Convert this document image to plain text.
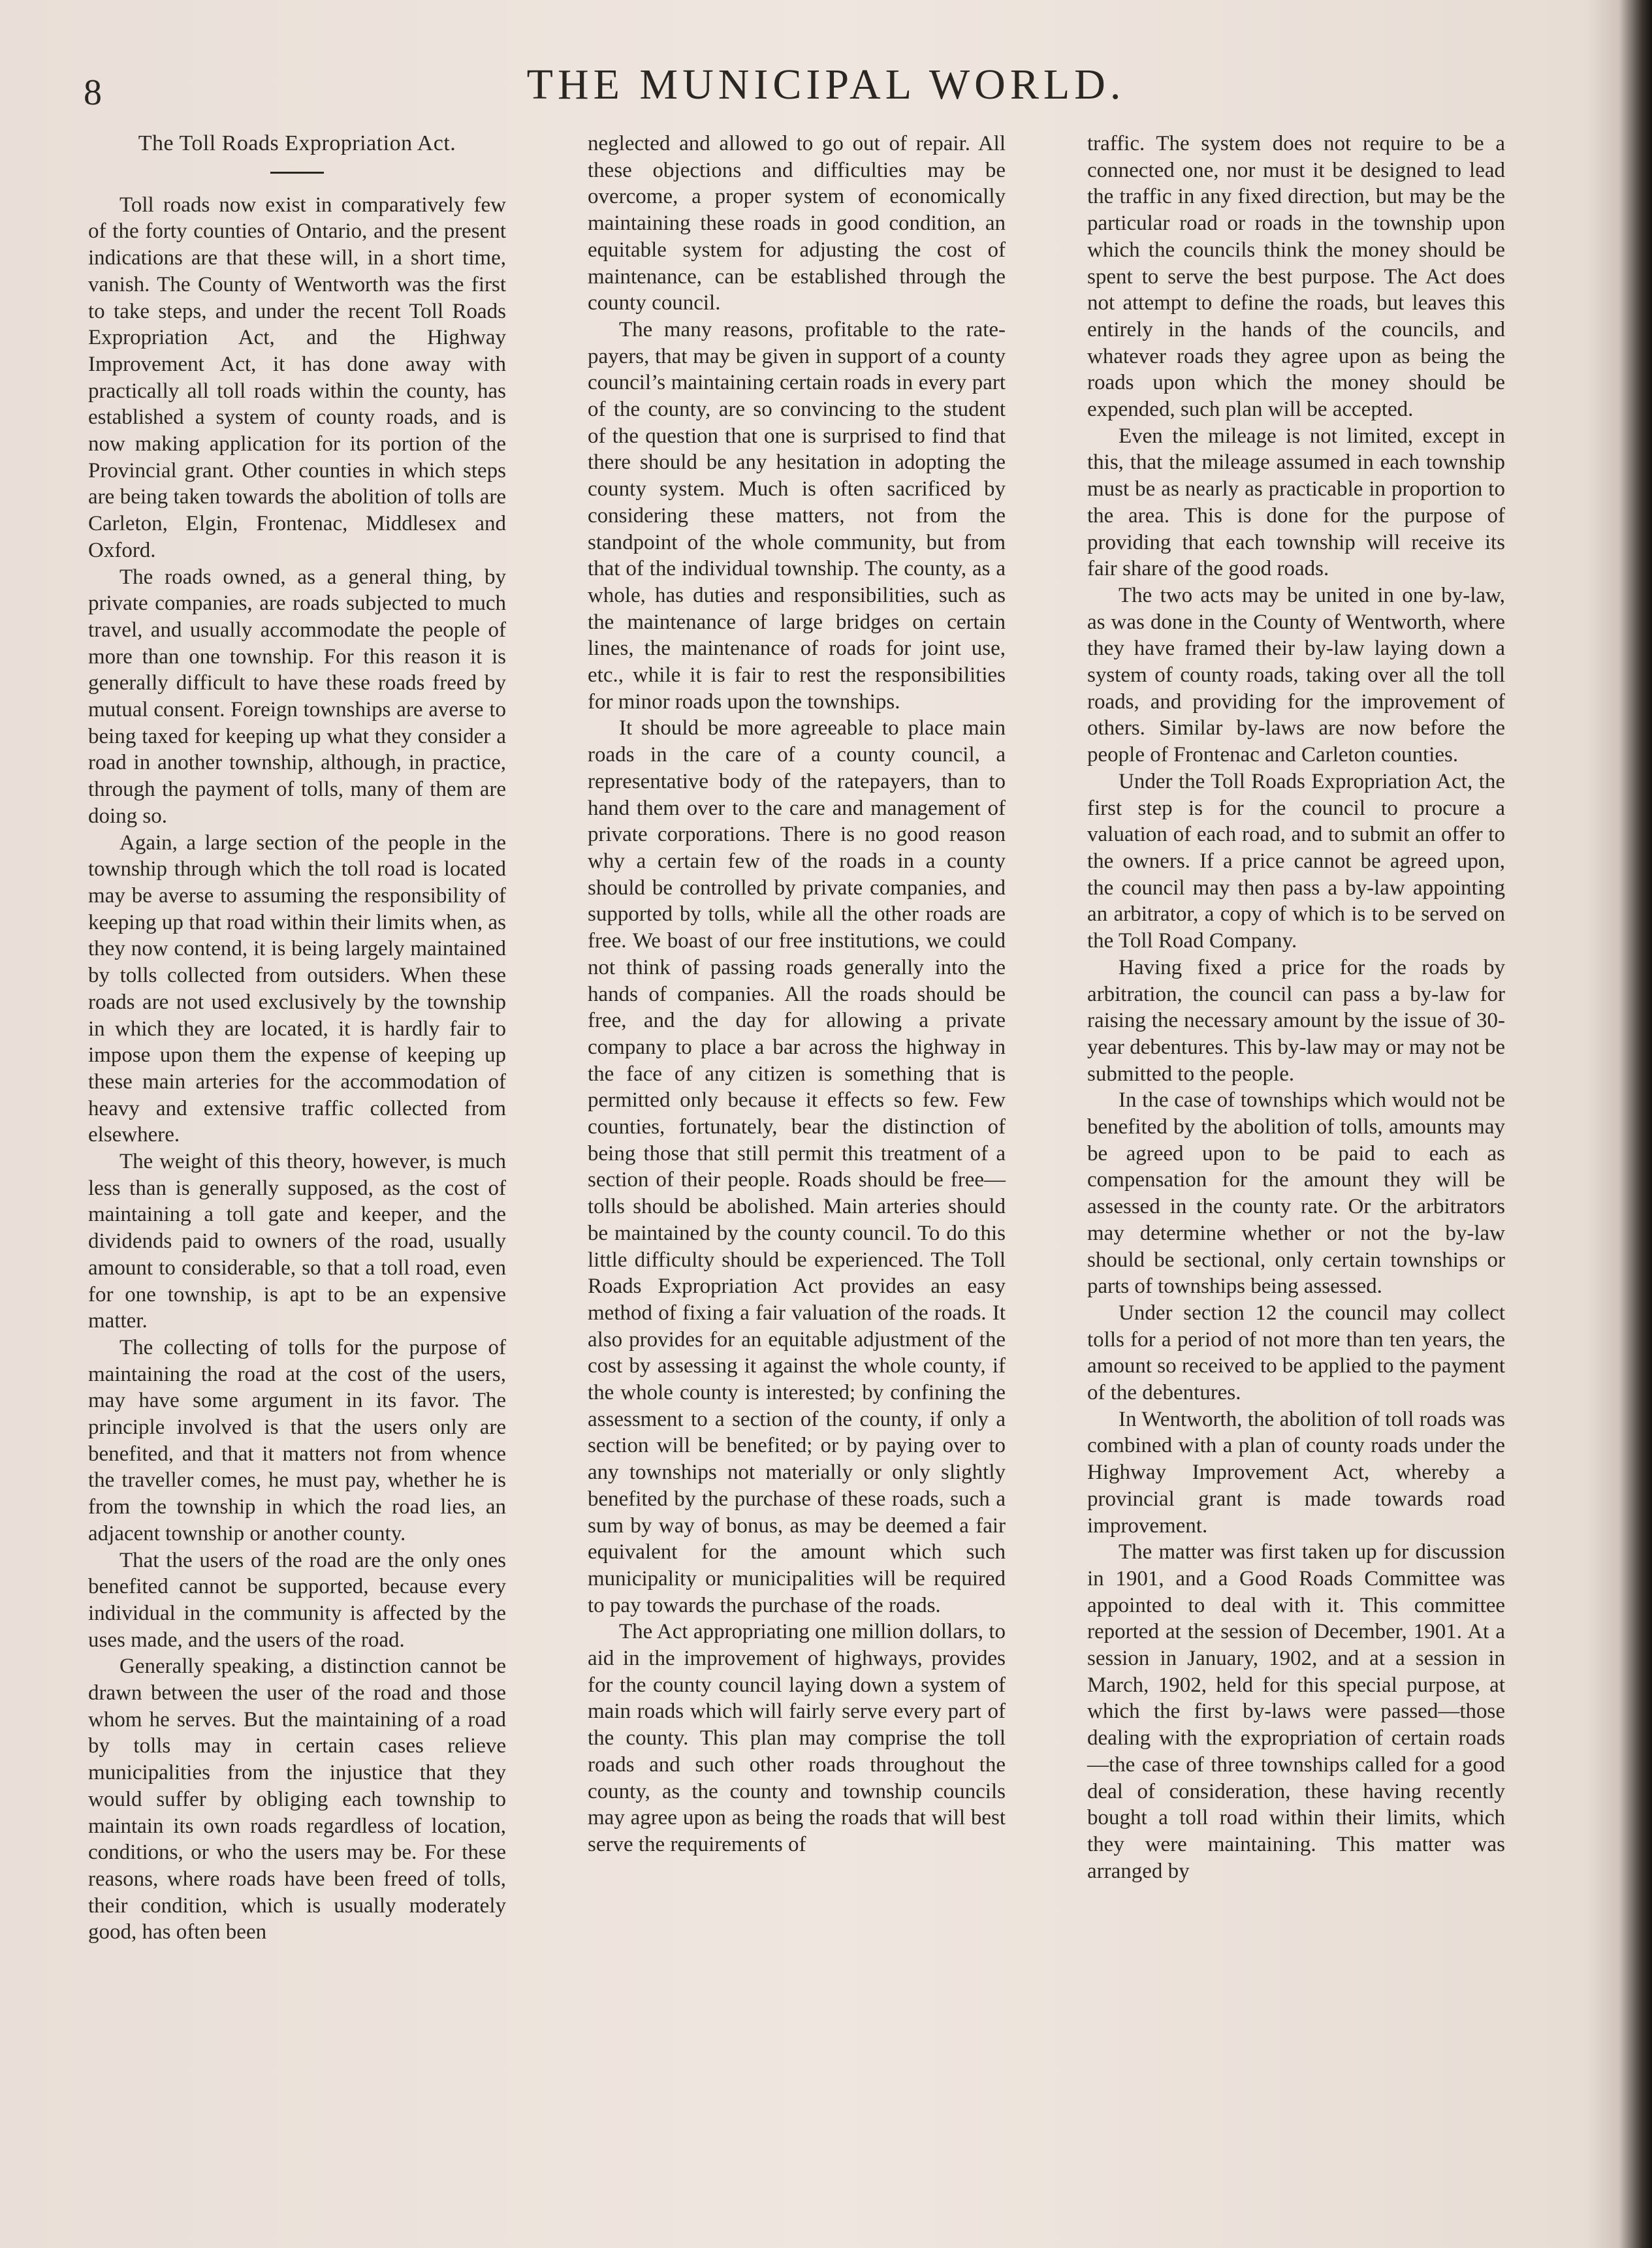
8	THE MUNICIPAL WORLD.
The Toll Roads Expropriation Act.

Toll roads now exist in comparatively few of the forty counties of Ontario, and the present indications are that these will, in a short time, vanish. The County of Wentworth was the first to take steps, and under the recent Toll Roads Expropriation Act, and the Highway Improvement Act, it has done away with practically all toll roads within the county, has established a system of county roads, and is now making application for its portion of the Provincial grant. Other counties in which steps are being taken towards the abolition of tolls are Carleton, Elgin, Frontenac, Middlesex and Oxford.

The roads owned, as a general thing, by private companies, are roads subjected to much travel, and usually accommodate the people of more than one township. For this reason it is generally difficult to have these roads freed by mutual consent. Foreign townships are averse to being taxed for keeping up what they consider a road in another township, although, in practice, through the payment of tolls, many of them are doing so.

Again, a large section of the people in the township through which the toll road is located may be averse to assuming the responsibility of keeping up that road within their limits when, as they now contend, it is being largely maintained by tolls collected from outsiders. When these roads are not used exclusively by the township in which they are located, it is hardly fair to impose upon them the expense of keeping up these main arteries for the accommodation of heavy and extensive traffic collected from elsewhere.

The weight of this theory, however, is much less than is generally supposed, as the cost of maintaining a toll gate and keeper, and the dividends paid to owners of the road, usually amount to considerable, so that a toll road, even for one township, is apt to be an expensive matter.

The collecting of tolls for the purpose of maintaining the road at the cost of the users, may have some argument in its favor. The principle involved is that the users only are benefited, and that it matters not from whence the traveller comes, he must pay, whether he is from the township in which the road lies, an adjacent township or another county.

That the users of the road are the only ones benefited cannot be supported, because every individual in the community is affected by the uses made, and the users of the road.

Generally speaking, a distinction cannot be drawn between the user of the road and those whom he serves. But the maintaining of a road by tolls may in certain cases relieve municipalities from the injustice that they would suffer by obliging each township to maintain its own roads regardless of location, conditions, or who the users may be. For these reasons, where roads have been freed of tolls, their condition, which is usually moderately good, has often been

neglected and allowed to go out of repair. All these objections and difficulties may be overcome, a proper system of economically maintaining these roads in good condition, an equitable system for adjusting the cost of maintenance, can be established through the county council.

The many reasons, profitable to the rate-payers, that may be given in support of a county council’s maintaining certain roads in every part of the county, are so convincing to the student of the question that one is surprised to find that there should be any hesitation in adopting the county system. Much is often sacrificed by considering these matters, not from the standpoint of the whole community, but from that of the individual township. The county, as a whole, has duties and responsibilities, such as the maintenance of large bridges on certain lines, the maintenance of roads for joint use, etc., while it is fair to rest the responsibilities for minor roads upon the townships.

It should be more agreeable to place main roads in the care of a county council, a representative body of the ratepayers, than to hand them over to the care and management of private corporations. There is no good reason why a certain few of the roads in a county should be controlled by private companies, and supported by tolls, while all the other roads are free. We boast of our free institutions, we could not think of passing roads generally into the hands of companies. All the roads should be free, and the day for allowing a private company to place a bar across the highway in the face of any citizen is something that is permitted only because it effects so few. Few counties, fortunately, bear the distinction of being those that still permit this treatment of a section of their people. Roads should be free—tolls should be abolished. Main arteries should be maintained by the county council. To do this little difficulty should be experienced. The Toll Roads Expropriation Act provides an easy method of fixing a fair valuation of the roads. It also provides for an equitable adjustment of the cost by assessing it against the whole county, if the whole county is interested; by confining the assessment to a section of the county, if only a section will be benefited; or by paying over to any townships not materially or only slightly benefited by the purchase of these roads, such a sum by way of bonus, as may be deemed a fair equivalent for the amount which such municipality or municipalities will be required to pay towards the purchase of the roads.

The Act appropriating one million dollars, to aid in the improvement of highways, provides for the county council laying down a system of main roads which will fairly serve every part of the county. This plan may comprise the toll roads and such other roads throughout the county, as the county and township councils may agree upon as being the roads that will best serve the requirements of

traffic. The system does not require to be a connected one, nor must it be designed to lead the traffic in any fixed direction, but may be the particular road or roads in the township upon which the councils think the money should be spent to serve the best purpose. The Act does not attempt to define the roads, but leaves this entirely in the hands of the councils, and whatever roads they agree upon as being the roads upon which the money should be expended, such plan will be accepted.

Even the mileage is not limited, except in this, that the mileage assumed in each township must be as nearly as practicable in proportion to the area. This is done for the purpose of providing that each township will receive its fair share of the good roads.

The two acts may be united in one by-law, as was done in the County of Wentworth, where they have framed their by-law laying down a system of county roads, taking over all the toll roads, and providing for the improvement of others. Similar by-laws are now before the people of Frontenac and Carleton counties.

Under the Toll Roads Expropriation Act, the first step is for the council to procure a valuation of each road, and to submit an offer to the owners. If a price cannot be agreed upon, the council may then pass a by-law appointing an arbitrator, a copy of which is to be served on the Toll Road Company.

Having fixed a price for the roads by arbitration, the council can pass a by-law for raising the necessary amount by the issue of 30-year debentures. This by-law may or may not be submitted to the people.

In the case of townships which would not be benefited by the abolition of tolls, amounts may be agreed upon to be paid to each as compensation for the amount they will be assessed in the county rate. Or the arbitrators may determine whether or not the by-law should be sectional, only certain townships or parts of townships being assessed.

Under section 12 the council may collect tolls for a period of not more than ten years, the amount so received to be applied to the payment of the debentures.

In Wentworth, the abolition of toll roads was combined with a plan of county roads under the Highway Improvement Act, whereby a provincial grant is made towards road improvement.

The matter was first taken up for discussion in 1901, and a Good Roads Committee was appointed to deal with it. This committee reported at the session of December, 1901. At a session in January, 1902, and at a session in March, 1902, held for this special purpose, at which the first by-laws were passed—those dealing with the expropriation of certain roads—the case of three townships called for a good deal of consideration, these having recently bought a toll road within their limits, which they were maintaining. This matter was arranged by
